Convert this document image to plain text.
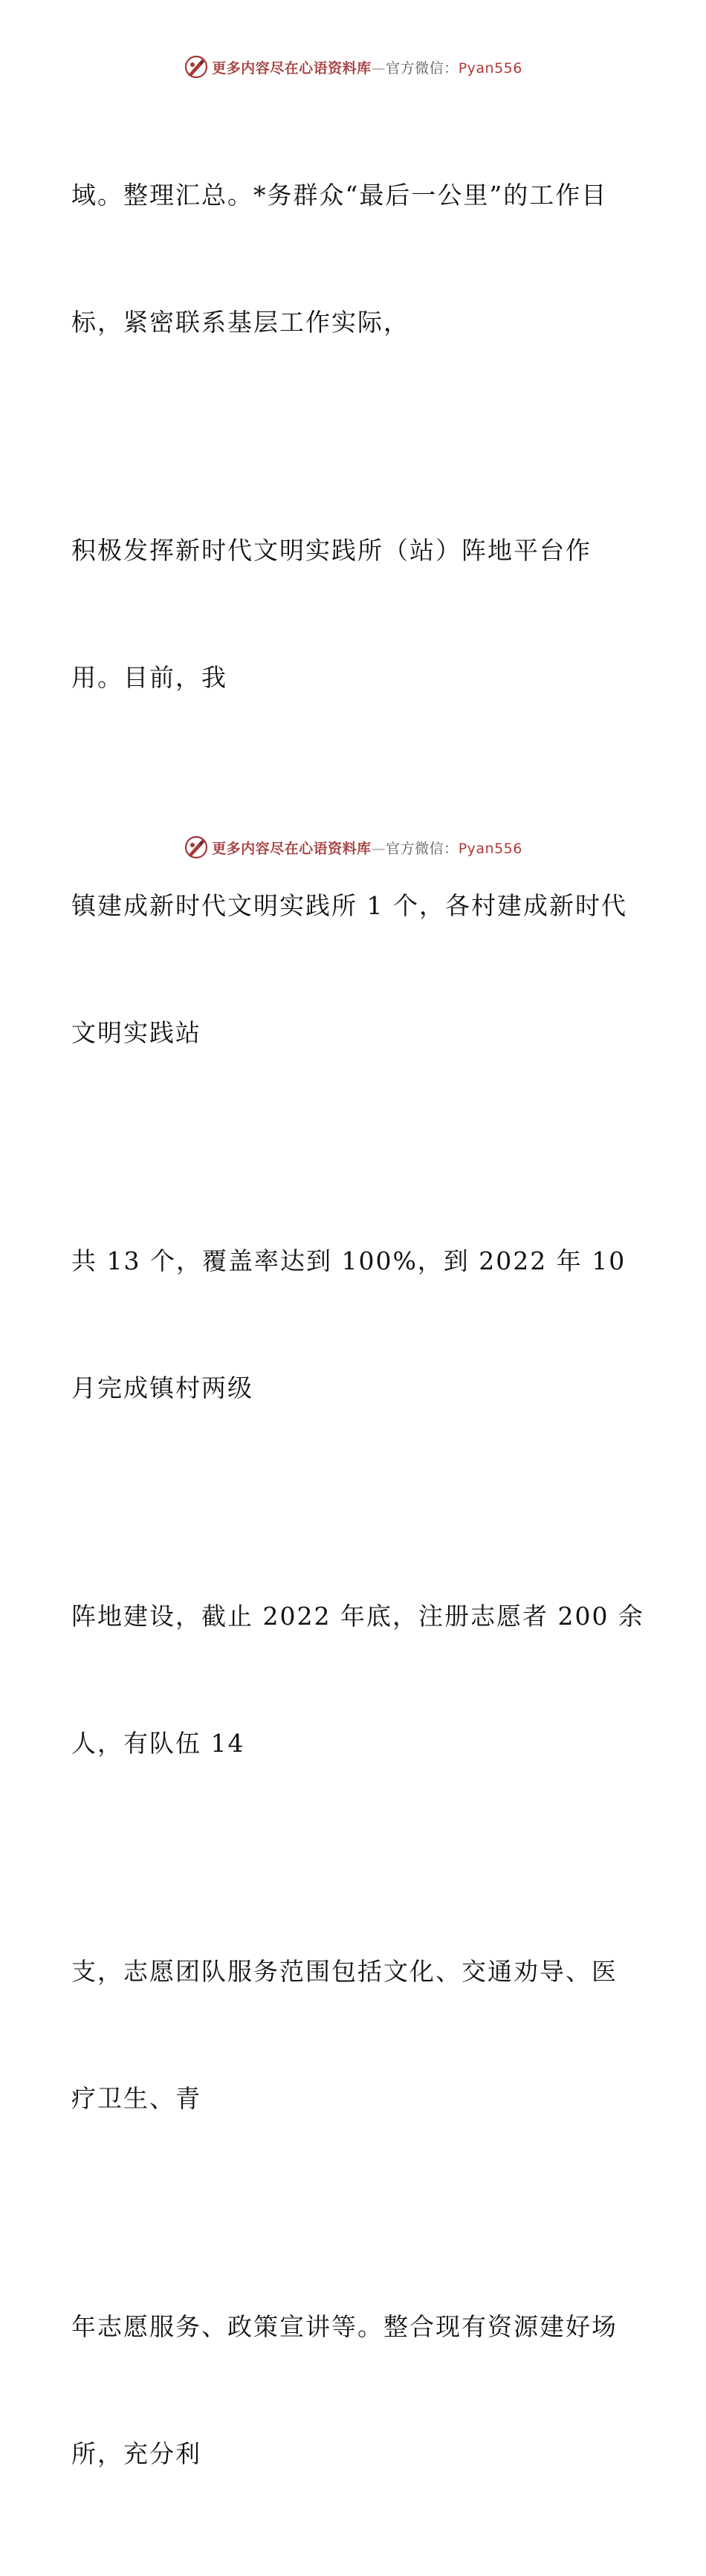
更多内容尽在心语资料库—官方微信：Pyan556

域。整理汇总。*务群众“最后一公里”的工作目

标，紧密联系基层工作实际，

积极发挥新时代文明实践所（站）阵地平台作

用。目前，我

镇建成新时代文明实践所 1 个，各村建成新时代

文明实践站

共 13 个，覆盖率达到 100%，到 2022 年 10

月完成镇村两级

阵地建设，截止 2022 年底，注册志愿者 200 余

人，有队伍 14

支，志愿团队服务范围包括文化、交通劝导、医

疗卫生、青

年志愿服务、政策宣讲等。整合现有资源建好场

所，充分利

更多内容尽在心语资料库—官方微信：Pyan556
